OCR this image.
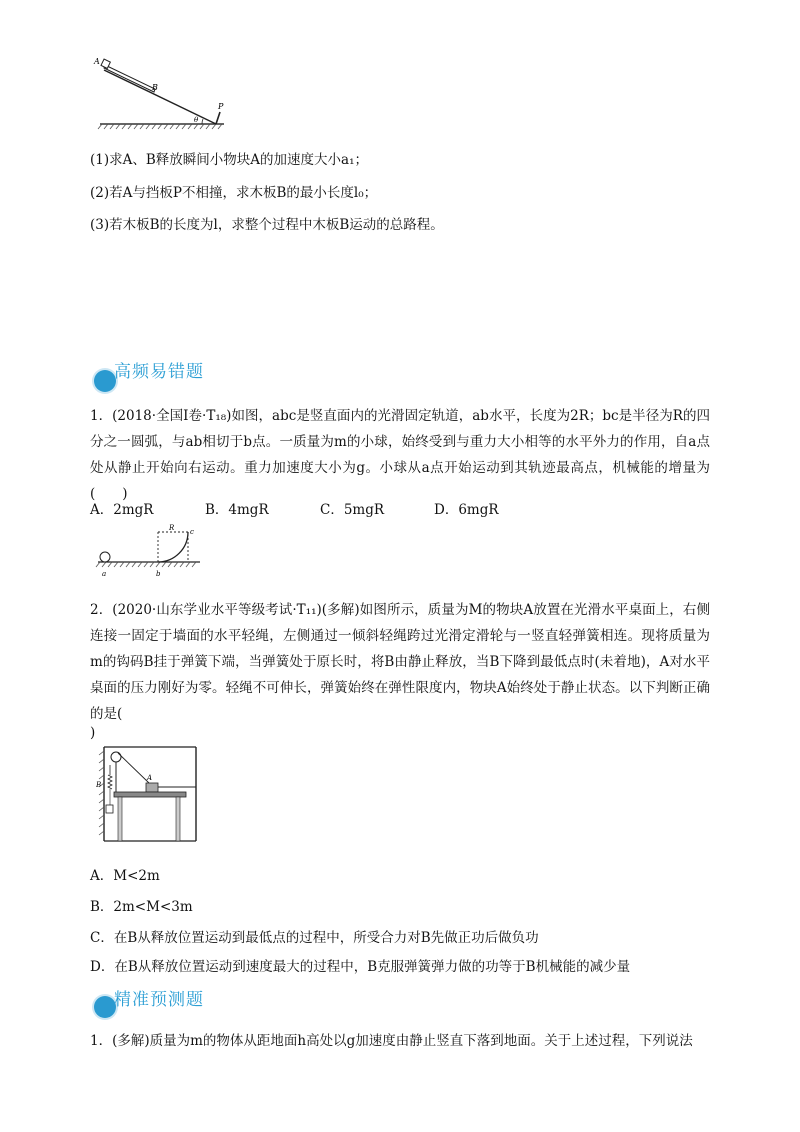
A
B
P
θ
(1)求A、B释放瞬间小物块A的加速度大小a₁；
(2)若A与挡板P不相撞，求木板B的最小长度l₀；
(3)若木板B的长度为l，求整个过程中木板B运动的总路程。
高频易错题
1．(2018·全国Ⅰ卷·T₁₈)如图，abc是竖直面内的光滑固定轨道，ab水平，长度为2R；bc是半径为R的四分之一圆弧，与ab相切于b点。一质量为m的小球，始终受到与重力大小相等的水平外力的作用，自a点处从静止开始向右运动。重力加速度大小为g。小球从a点开始运动到其轨迹最高点，机械能的增量为(　　)
A．2mgR	B．4mgR	C．5mgR	D．6mgR
R c
a	b
2．(2020·山东学业水平等级考试·T₁₁)(多解)如图所示，质量为M的物块A放置在光滑水平桌面上，右侧连接一固定于墙面的水平轻绳，左侧通过一倾斜轻绳跨过光滑定滑轮与一竖直轻弹簧相连。现将质量为m的钩码B挂于弹簧下端，当弹簧处于原长时，将B由静止释放，当B下降到最低点时(未着地)，A对水平桌面的压力刚好为零。轻绳不可伸长，弹簧始终在弹性限度内，物块A始终处于静止状态。以下判断正确的是(
)
A
B
A．M<2m
B．2m<M<3m
C．在B从释放位置运动到最低点的过程中，所受合力对B先做正功后做负功
D．在B从释放位置运动到速度最大的过程中，B克服弹簧弹力做的功等于B机械能的减少量
精准预测题
1．(多解)质量为m的物体从距地面h高处以g加速度由静止竖直下落到地面。关于上述过程，下列说法
